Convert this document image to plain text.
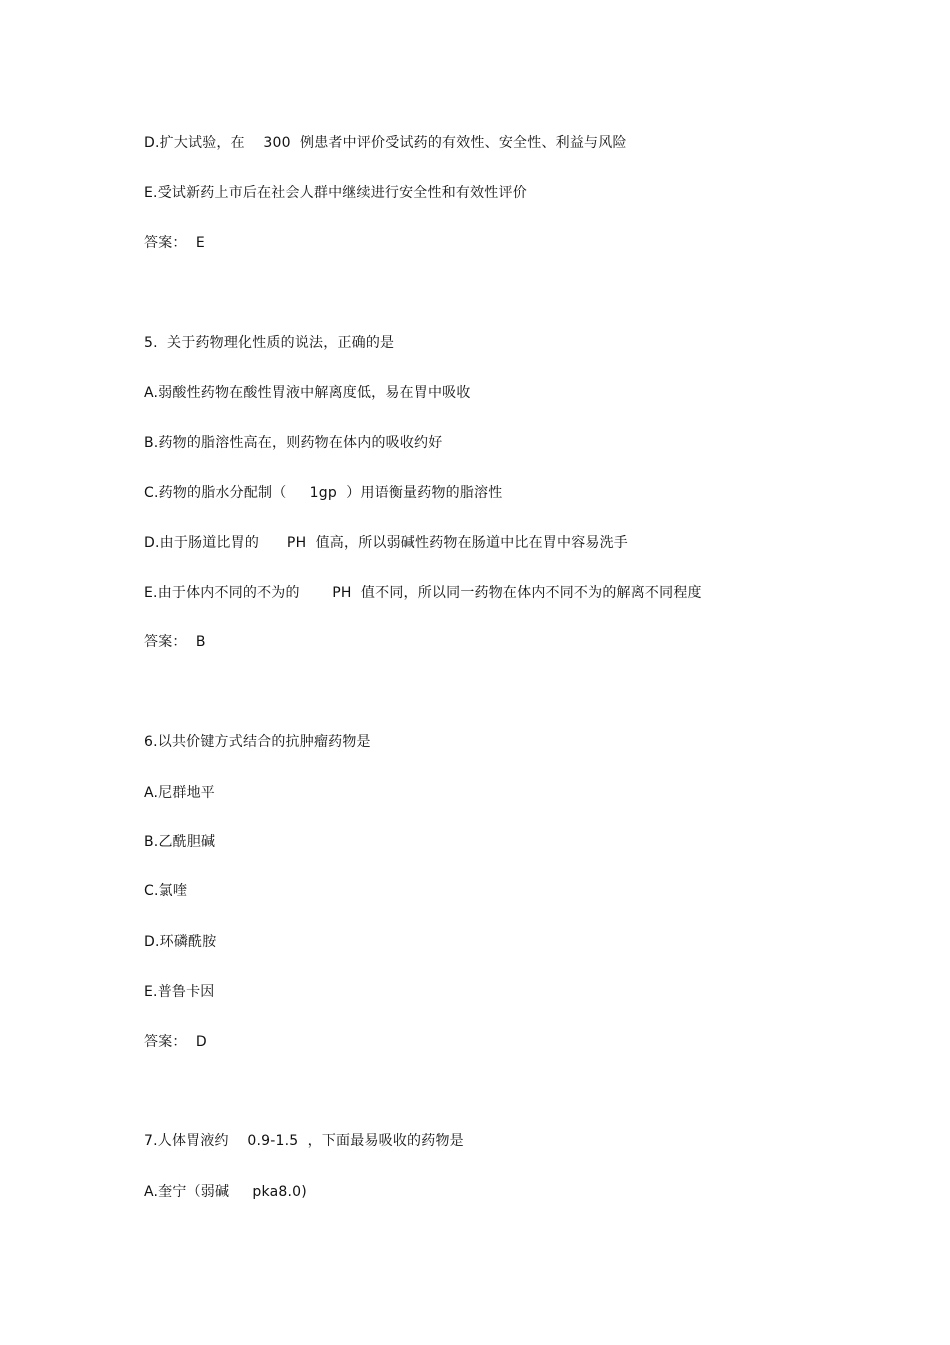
D.扩大试验，在    300  例患者中评价受试药的有效性、安全性、利益与风险
E.受试新药上市后在社会人群中继续进行安全性和有效性评价
答案：  E
5.  关于药物理化性质的说法，正确的是
A.弱酸性药物在酸性胃液中解离度低，易在胃中吸收
B.药物的脂溶性高在，则药物在体内的吸收约好
C.药物的脂水分配制（     1gp  ）用语衡量药物的脂溶性
D.由于肠道比胃的      PH  值高，所以弱碱性药物在肠道中比在胃中容易洗手
E.由于体内不同的不为的       PH  值不同，所以同一药物在体内不同不为的解离不同程度
答案：  B
6.以共价键方式结合的抗肿瘤药物是
A.尼群地平
B.乙酰胆碱
C.氯喹
D.环磷酰胺
E.普鲁卡因
答案：  D
7.人体胃液约    0.9-1.5  ，下面最易吸收的药物是
A.奎宁（弱碱     pka8.0)
